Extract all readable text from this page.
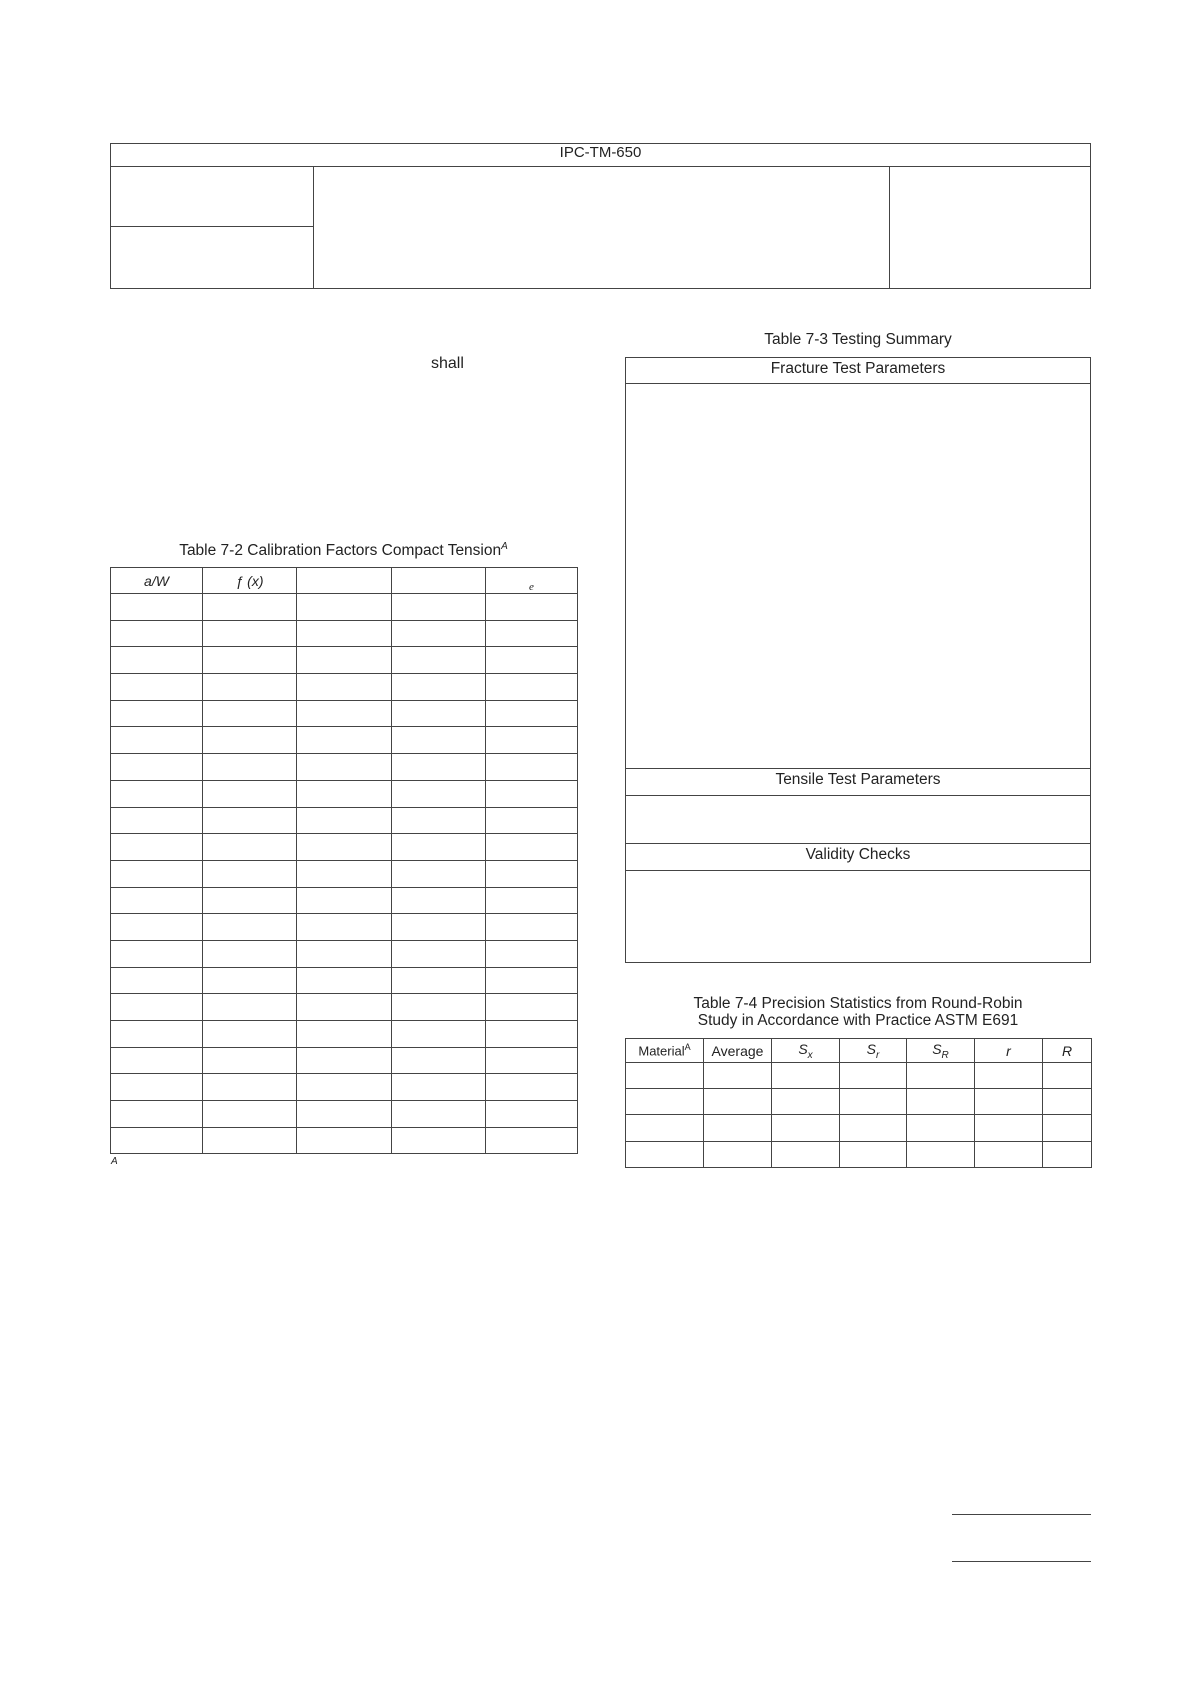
IPC-TM-650
shall
Table 7-2 Calibration Factors Compact Tension$^A$
a/W	ƒ (x)			e

A
Table 7-3 Testing Summary
Fracture Test Parameters
Tensile Test Parameters
Validity Checks
Table 7-4 Precision Statistics from Round-Robin
Study in Accordance with Practice ASTM E691
Material$^A$	Average	$S_x$	$S_r$	$S_R$	r	R
